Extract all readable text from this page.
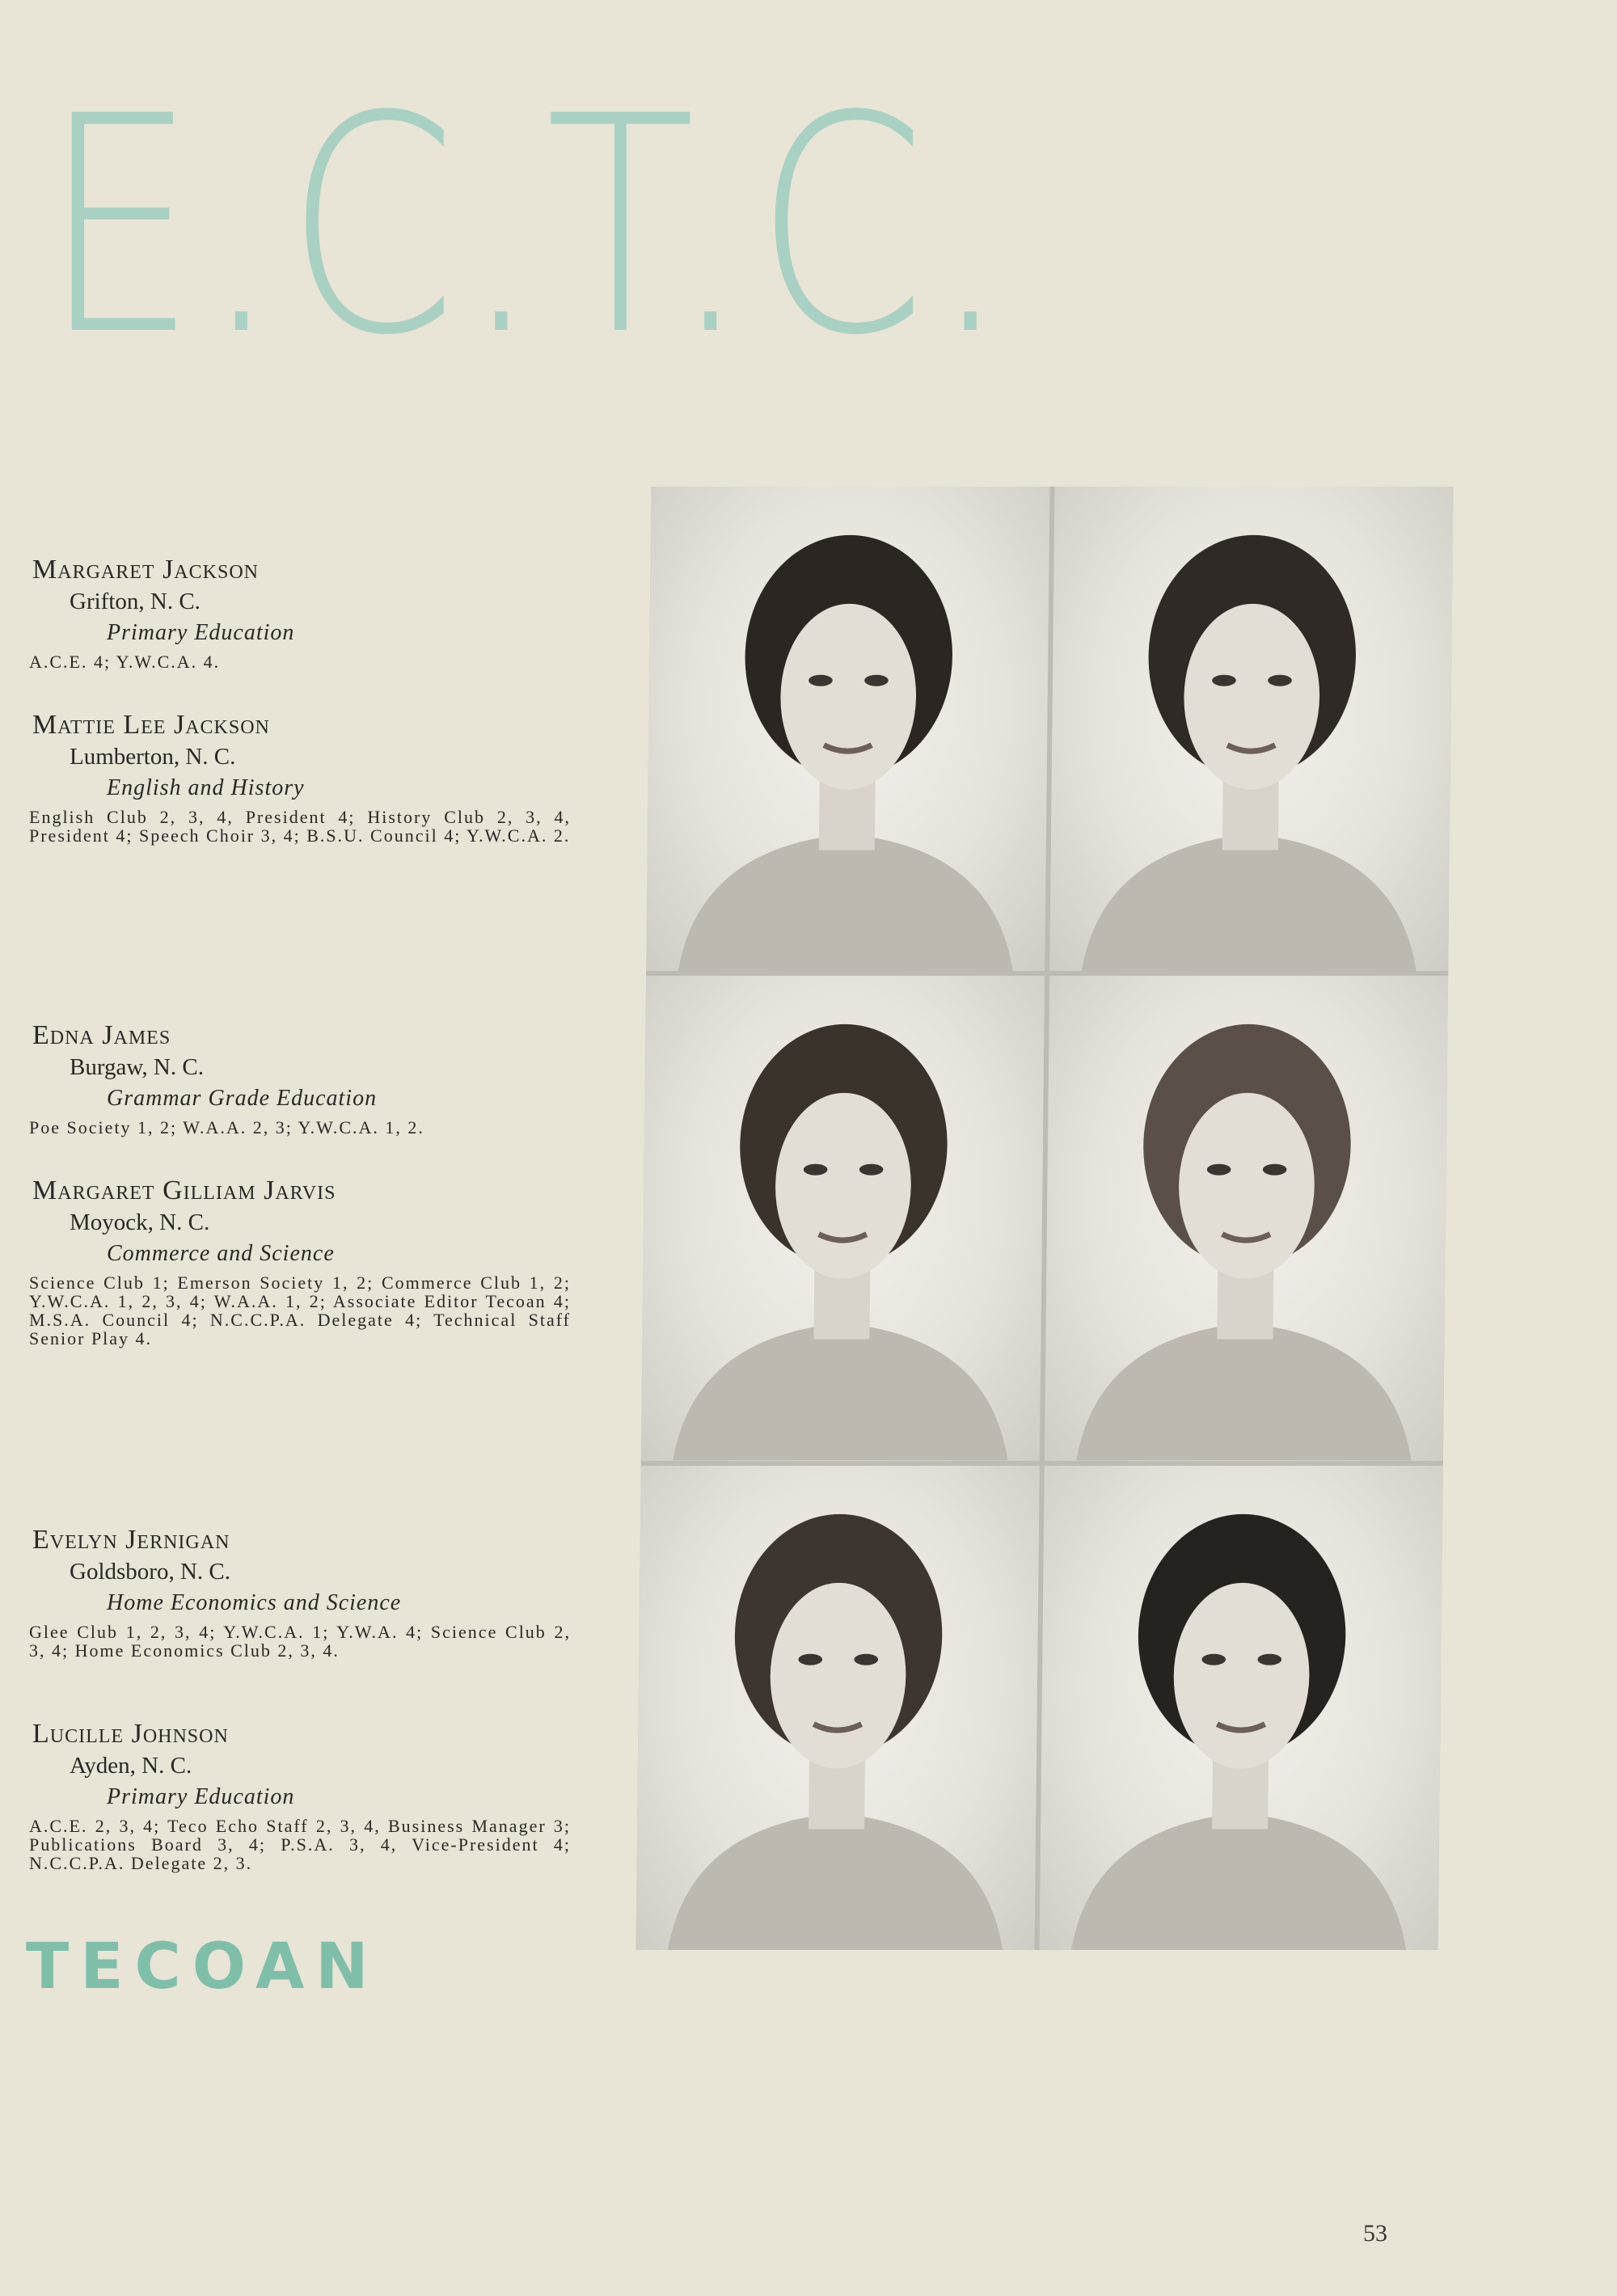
E.C.T.C.
Margaret Jackson
Grifton, N. C.
Primary Education

A.C.E. 4; Y.W.C.A. 4.

Mattie Lee Jackson
Lumberton, N. C.
English and History

English Club 2, 3, 4, President 4; History Club 2, 3, 4, President 4; Speech Choir 3, 4; B.S.U. Council 4; Y.W.C.A. 2.

Edna James
Burgaw, N. C.
Grammar Grade Education

Poe Society 1, 2; W.A.A. 2, 3; Y.W.C.A. 1, 2.

Margaret Gilliam Jarvis
Moyock, N. C.
Commerce and Science

Science Club 1; Emerson Society 1, 2; Commerce Club 1, 2; Y.W.C.A. 1, 2, 3, 4; W.A.A. 1, 2; Associate Editor Tecoan 4; M.S.A. Council 4; N.C.C.P.A. Delegate 4; Technical Staff Senior Play 4.

Evelyn Jernigan
Goldsboro, N. C.
Home Economics and Science

Glee Club 1, 2, 3, 4; Y.W.C.A. 1; Y.W.A. 4; Science Club 2, 3, 4; Home Economics Club 2, 3, 4.

Lucille Johnson
Ayden, N. C.
Primary Education

A.C.E. 2, 3, 4; Teco Echo Staff 2, 3, 4, Business Manager 3; Publications Board 3, 4; P.S.A. 3, 4, Vice-President 4; N.C.C.P.A. Delegate 2, 3.

TECOAN
53
